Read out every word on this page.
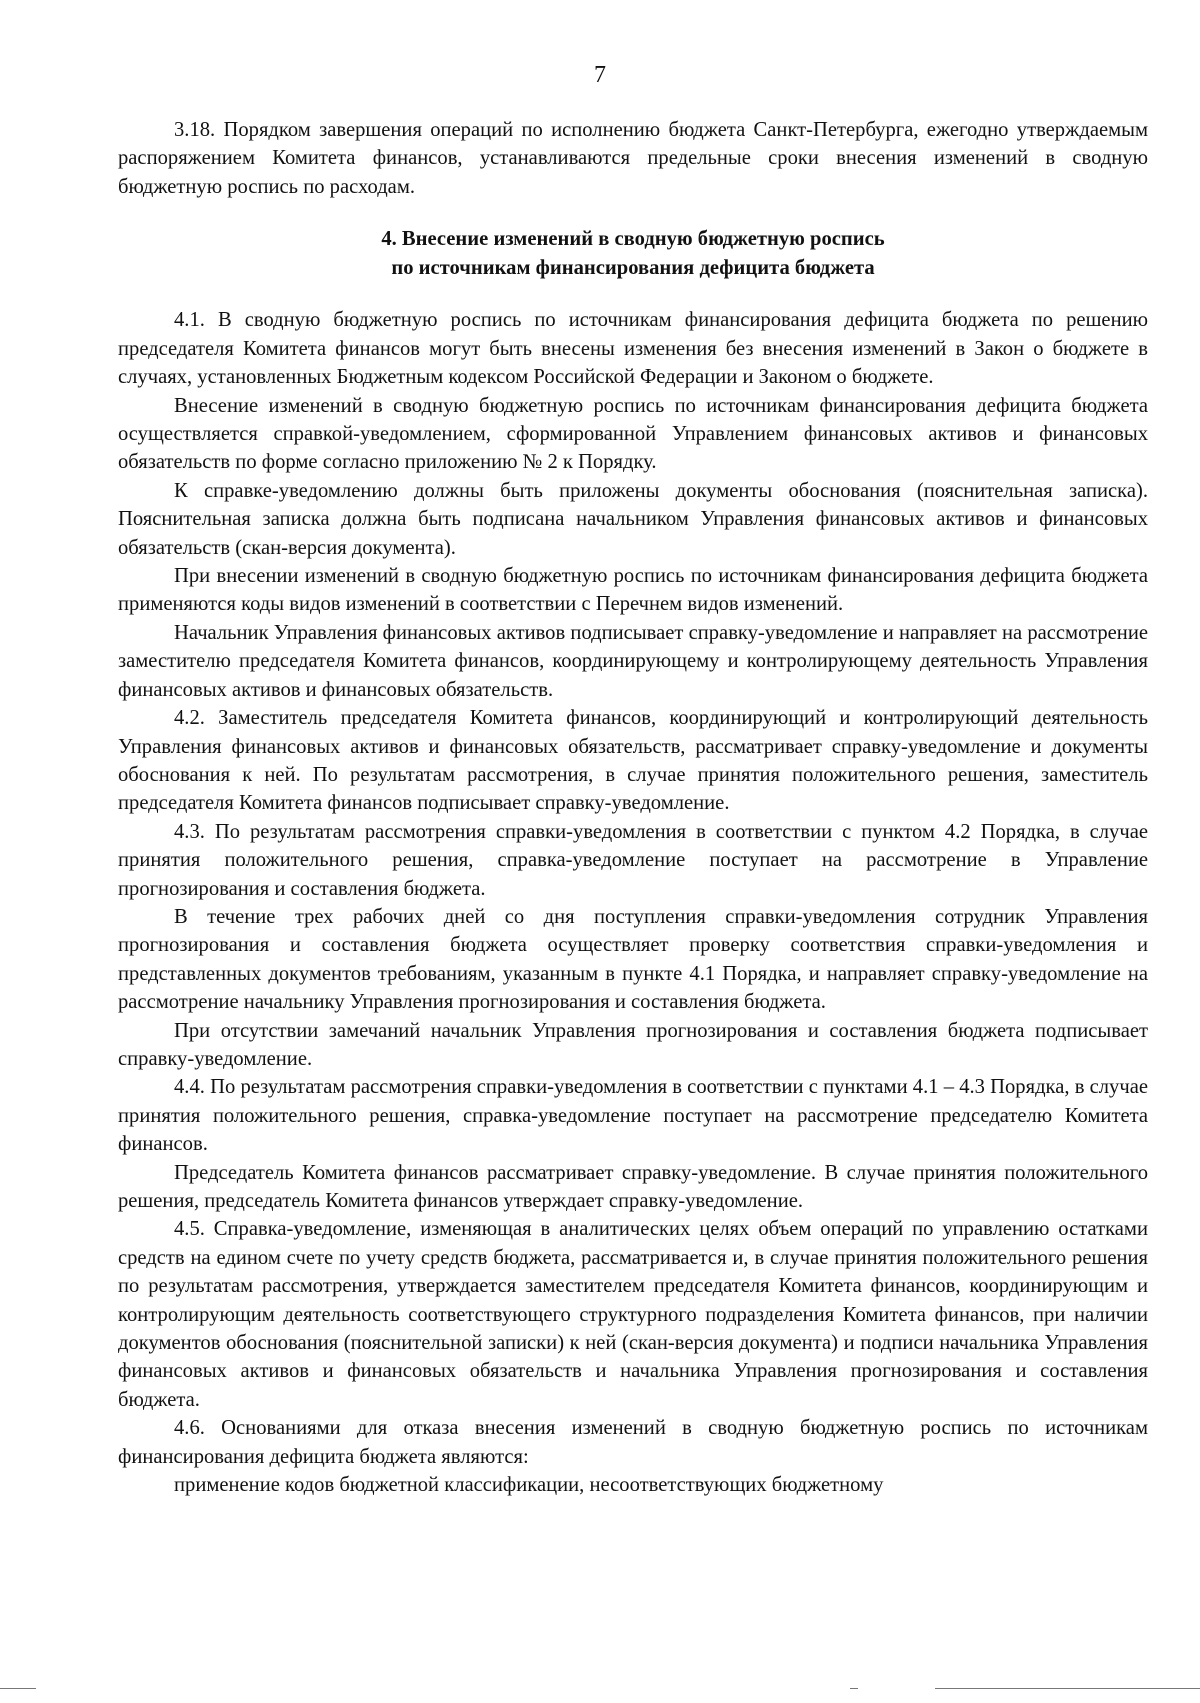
7

3.18. Порядком завершения операций по исполнению бюджета Санкт-Петербурга, ежегодно утверждаемым распоряжением Комитета финансов, устанавливаются предельные сроки внесения изменений в сводную бюджетную роспись по расходам.

4. Внесение изменений в сводную бюджетную роспись
по источникам финансирования дефицита бюджета

4.1. В сводную бюджетную роспись по источникам финансирования дефицита бюджета по решению председателя Комитета финансов могут быть внесены изменения без внесения изменений в Закон о бюджете в случаях, установленных Бюджетным кодексом Российской Федерации и Законом о бюджете.

Внесение изменений в сводную бюджетную роспись по источникам финансирования дефицита бюджета осуществляется справкой-уведомлением, сформированной Управлением финансовых активов и финансовых обязательств по форме согласно приложению № 2 к Порядку.

К справке-уведомлению должны быть приложены документы обоснования (пояснительная записка). Пояснительная записка должна быть подписана начальником Управления финансовых активов и финансовых обязательств (скан-версия документа).

При внесении изменений в сводную бюджетную роспись по источникам финансирования дефицита бюджета применяются коды видов изменений в соответствии с Перечнем видов изменений.

Начальник Управления финансовых активов подписывает справку-уведомление и направляет на рассмотрение заместителю председателя Комитета финансов, координирующему и контролирующему деятельность Управления финансовых активов и финансовых обязательств.

4.2. Заместитель председателя Комитета финансов, координирующий и контролирующий деятельность Управления финансовых активов и финансовых обязательств, рассматривает справку-уведомление и документы обоснования к ней. По результатам рассмотрения, в случае принятия положительного решения, заместитель председателя Комитета финансов подписывает справку-уведомление.

4.3. По результатам рассмотрения справки-уведомления в соответствии с пунктом 4.2 Порядка, в случае принятия положительного решения, справка-уведомление поступает на рассмотрение в Управление прогнозирования и составления бюджета.

В течение трех рабочих дней со дня поступления справки-уведомления сотрудник Управления прогнозирования и составления бюджета осуществляет проверку соответствия справки-уведомления и представленных документов требованиям, указанным в пункте 4.1 Порядка, и направляет справку-уведомление на рассмотрение начальнику Управления прогнозирования и составления бюджета.

При отсутствии замечаний начальник Управления прогнозирования и составления бюджета подписывает справку-уведомление.

4.4. По результатам рассмотрения справки-уведомления в соответствии с пунктами 4.1 – 4.3 Порядка, в случае принятия положительного решения, справка-уведомление поступает на рассмотрение председателю Комитета финансов.

Председатель Комитета финансов рассматривает справку-уведомление. В случае принятия положительного решения, председатель Комитета финансов утверждает справку-уведомление.

4.5. Справка-уведомление, изменяющая в аналитических целях объем операций по управлению остатками средств на едином счете по учету средств бюджета, рассматривается и, в случае принятия положительного решения по результатам рассмотрения, утверждается заместителем председателя Комитета финансов, координирующим и контролирующим деятельность соответствующего структурного подразделения Комитета финансов, при наличии документов обоснования (пояснительной записки) к ней (скан-версия документа) и подписи начальника Управления финансовых активов и финансовых обязательств и начальника Управления прогнозирования и составления бюджета.

4.6. Основаниями для отказа внесения изменений в сводную бюджетную роспись по источникам финансирования дефицита бюджета являются:

применение кодов бюджетной классификации, несоответствующих бюджетному
